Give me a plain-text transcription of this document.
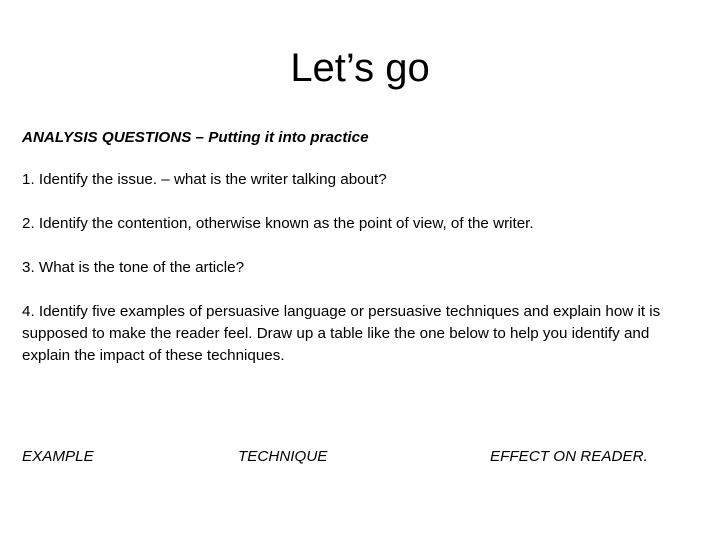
Let’s go
ANALYSIS QUESTIONS – Putting it into practice
1. Identify the issue. – what is the writer talking about?
2. Identify the contention, otherwise known as the point of view, of the writer.
3. What is the tone of the article?
4. Identify five examples of persuasive language or persuasive techniques and explain how it is supposed to make the reader feel. Draw up a table like the one below to help you identify and explain the impact of these techniques.
EXAMPLE	TECHNIQUE	EFFECT ON READER.
